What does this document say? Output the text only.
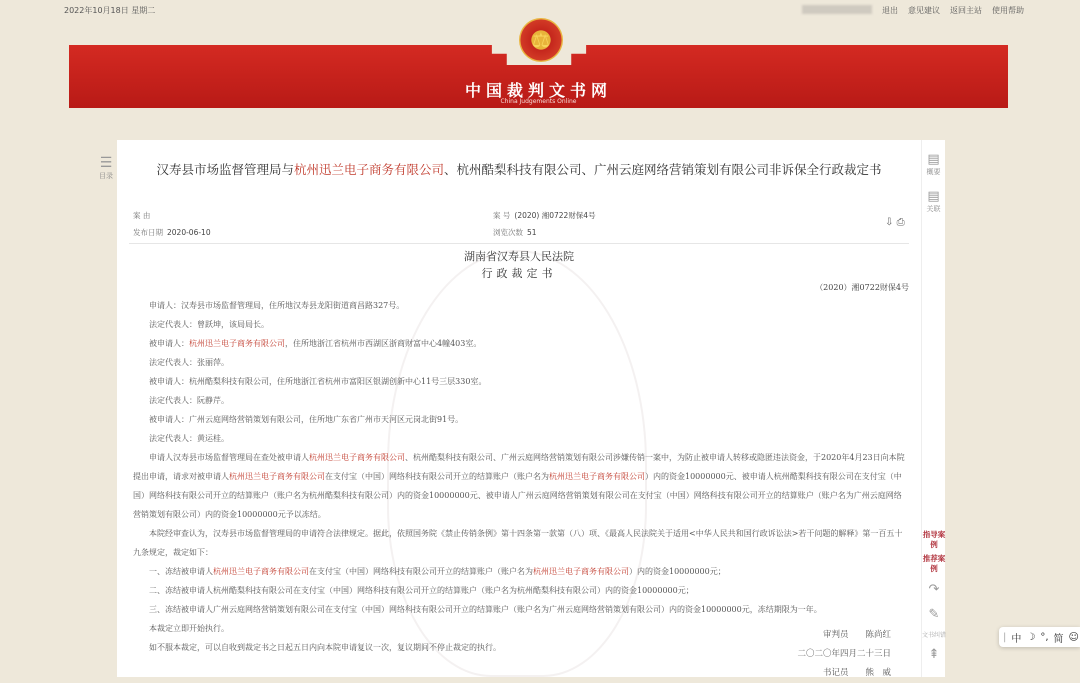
2022年10月18日 星期二	退出 意见建议 返回主站 使用帮助
中国裁判文书网
China Judgements Online
⚖
☰
目录	汉寿县市场监督管理局与杭州迅兰电子商务有限公司、杭州酷梨科技有限公司、广州云庭网络营销策划有限公司非诉保全行政裁定书
案 由
发布日期 2020-06-10
案 号 (2020) 湘0722财保4号
浏览次数 51
⇩ ⎙
湖南省汉寿县人民法院
行政裁定书
（2020）湘0722财保4号

申请人：汉寿县市场监督管理局，住所地汉寿县龙阳街道商昌路327号。

法定代表人：曾跃坤，该局局长。

被申请人：杭州迅兰电子商务有限公司，住所地浙江省杭州市西湖区浙商财富中心4幢403室。

法定代表人：张丽萍。

被申请人：杭州酷梨科技有限公司，住所地浙江省杭州市富阳区银湖创新中心11号三层330室。

法定代表人：阮静芹。

被申请人：广州云庭网络营销策划有限公司，住所地广东省广州市天河区元岗北街91号。

法定代表人：黄运桂。

申请人汉寿县市场监督管理局在查处被申请人杭州迅兰电子商务有限公司、杭州酷梨科技有限公司、广州云庭网络营销策划有限公司涉嫌传销一案中，为防止被申请人转移或隐匿违法资金，于2020年4月23日向本院提出申请，请求对被申请人杭州迅兰电子商务有限公司在支付宝（中国）网络科技有限公司开立的结算账户（账户名为杭州迅兰电子商务有限公司）内的资金10000000元、被申请人杭州酷梨科技有限公司在支付宝（中国）网络科技有限公司开立的结算账户（账户名为杭州酷梨科技有限公司）内的资金10000000元、被申请人广州云庭网络营销策划有限公司在支付宝（中国）网络科技有限公司开立的结算账户（账户名为广州云庭网络营销策划有限公司）内的资金10000000元予以冻结。

本院经审查认为，汉寿县市场监督管理局的申请符合法律规定。据此，依照国务院《禁止传销条例》第十四条第一款第（八）项、《最高人民法院关于适用<中华人民共和国行政诉讼法>若干问题的解释》第一百五十九条规定，裁定如下：

一、冻结被申请人杭州迅兰电子商务有限公司在支付宝（中国）网络科技有限公司开立的结算账户（账户名为杭州迅兰电子商务有限公司）内的资金10000000元；

二、冻结被申请人杭州酷梨科技有限公司在支付宝（中国）网络科技有限公司开立的结算账户（账户名为杭州酷梨科技有限公司）内的资金10000000元；

三、冻结被申请人广州云庭网络营销策划有限公司在支付宝（中国）网络科技有限公司开立的结算账户（账户名为广州云庭网络营销策划有限公司）内的资金10000000元，冻结期限为一年。

本裁定立即开始执行。

如不服本裁定，可以自收到裁定书之日起五日内向本院申请复议一次，复议期间不停止裁定的执行。

审判员　　陈尚红
二〇二〇年四月二十三日
书记员　　熊　威
▤
概要
▤
关联
指导案例
推荐案例
↷
✎
文书纠错
⇞
| 中 ☽ °, 简 ☺
